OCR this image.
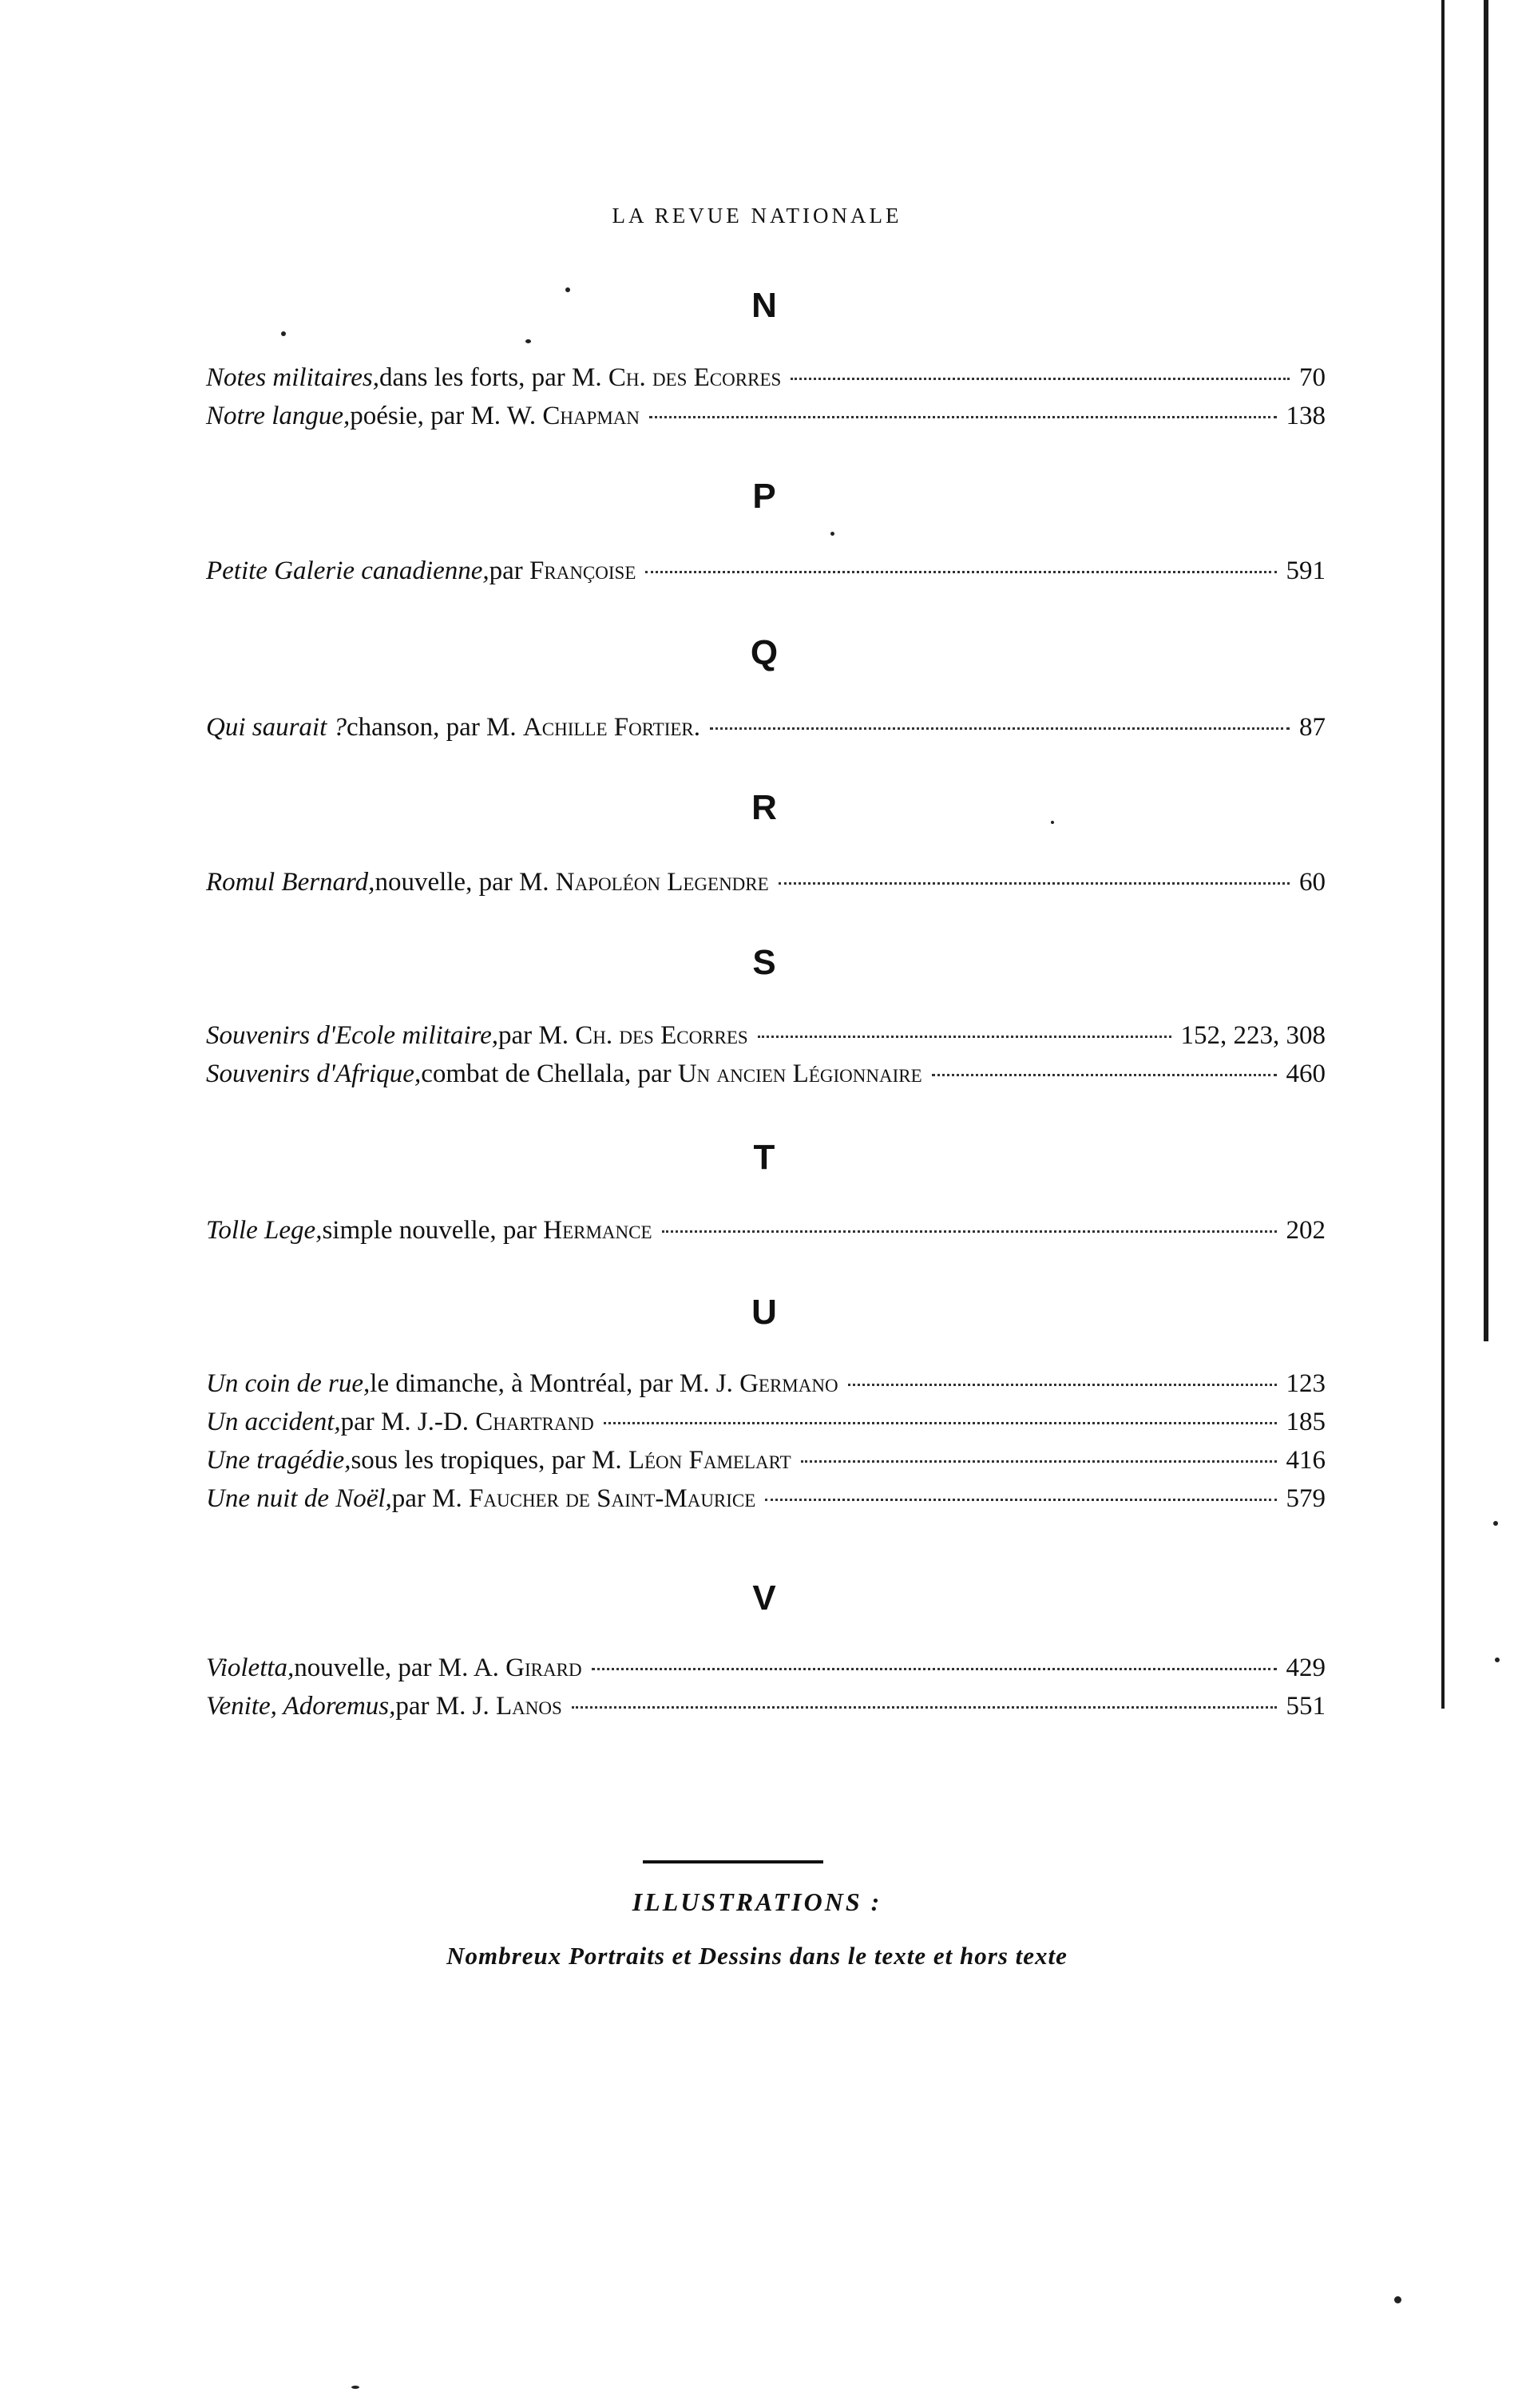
LA REVUE NATIONALE
N
Notes militaires, dans les forts, par M.
Ch. des Ecorres	70
Notre langue, poésie, par M. W.
Chapman	138
P
Petite Galerie canadienne, par
Françoise	591
Q
Qui saurait ? chanson, par M.
Achille Fortier.	87
R
Romul Bernard, nouvelle, par M.
Napoléon Legendre	60
S
Souvenirs d'Ecole militaire, par M.
Ch. des Ecorres	152, 223, 308
Souvenirs d'Afrique, combat de Chellala, par
Un ancien Légionnaire	460
T
Tolle Lege, simple nouvelle, par
Hermance	202
U
Un coin de rue, le dimanche, à Montréal, par M. J.
Germano	123
Un accident, par M. J.-D.
Chartrand	185
Une tragédie, sous les tropiques, par M.
Léon Famelart	416
Une nuit de Noël, par M.
Faucher de Saint-Maurice	579
V
Violetta, nouvelle, par M. A.
Girard	429
Venite, Adoremus, par M. J.
Lanos	551
ILLUSTRATIONS :
Nombreux Portraits et Dessins dans le texte et hors texte
